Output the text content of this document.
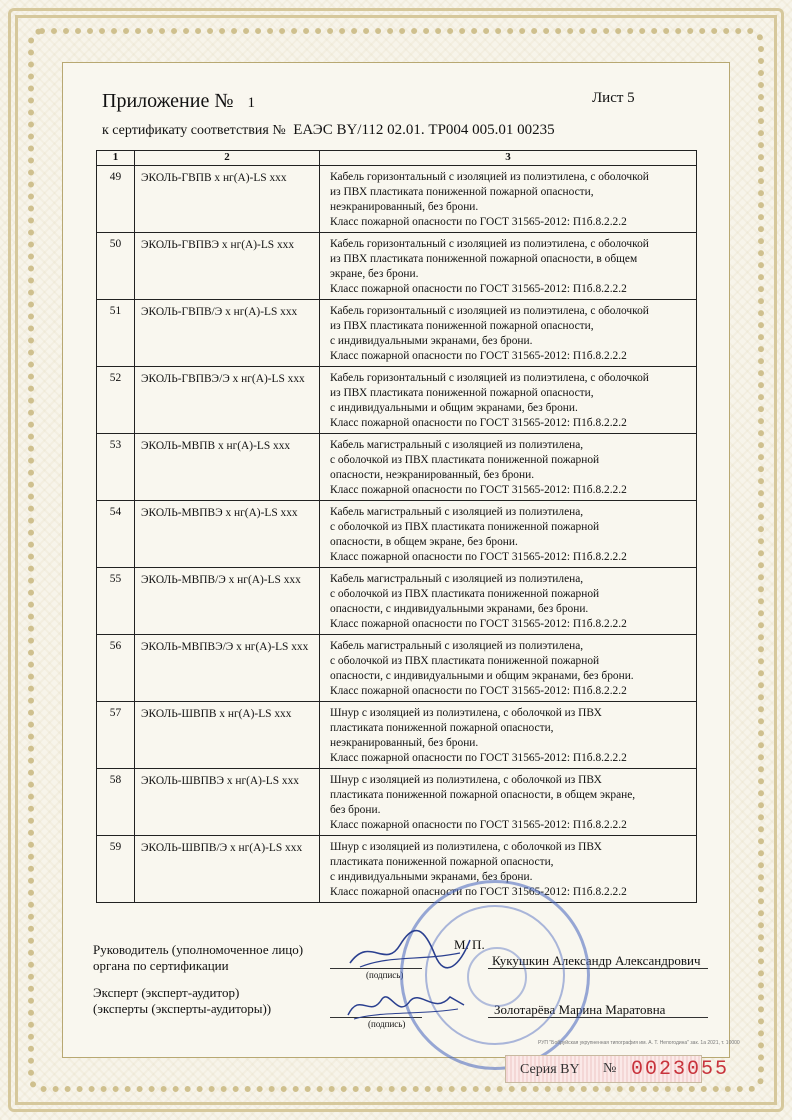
Приложение № 1	Лист 5
к сертификату соответствия № ЕАЭС BY/112 02.01. ТР004 005.01 00235
1	2	3
49	ЭКОЛЬ-ГВПВ x нг(А)-LS xxx	Кабель горизонтальный с изоляцией из полиэтилена, с оболочкой
из ПВХ пластиката пониженной пожарной опасности,
неэкранированный, без брони.
Класс пожарной опасности по ГОСТ 31565-2012: П1б.8.2.2.2

50	ЭКОЛЬ-ГВПВЭ x нг(А)-LS xxx	Кабель горизонтальный с изоляцией из полиэтилена, с оболочкой
из ПВХ пластиката пониженной пожарной опасности, в общем
экране, без брони.
Класс пожарной опасности по ГОСТ 31565-2012: П1б.8.2.2.2

51	ЭКОЛЬ-ГВПВ/Э x нг(А)-LS xxx	Кабель горизонтальный с изоляцией из полиэтилена, с оболочкой
из ПВХ пластиката пониженной пожарной опасности,
с индивидуальными экранами, без брони.
Класс пожарной опасности по ГОСТ 31565-2012: П1б.8.2.2.2

52	ЭКОЛЬ-ГВПВЭ/Э x нг(А)-LS xxx	Кабель горизонтальный с изоляцией из полиэтилена, с оболочкой
из ПВХ пластиката пониженной пожарной опасности,
с индивидуальными и общим экранами, без брони.
Класс пожарной опасности по ГОСТ 31565-2012: П1б.8.2.2.2

53	ЭКОЛЬ-МВПВ x нг(А)-LS xxx	Кабель магистральный с изоляцией из полиэтилена,
с оболочкой из ПВХ пластиката пониженной пожарной
опасности, неэкранированный, без брони.
Класс пожарной опасности по ГОСТ 31565-2012: П1б.8.2.2.2

54	ЭКОЛЬ-МВПВЭ x нг(А)-LS xxx	Кабель магистральный с изоляцией из полиэтилена,
с оболочкой из ПВХ пластиката пониженной пожарной
опасности, в общем экране, без брони.
Класс пожарной опасности по ГОСТ 31565-2012: П1б.8.2.2.2

55	ЭКОЛЬ-МВПВ/Э x нг(А)-LS xxx	Кабель магистральный с изоляцией из полиэтилена,
с оболочкой из ПВХ пластиката пониженной пожарной
опасности, с индивидуальными экранами, без брони.
Класс пожарной опасности по ГОСТ 31565-2012: П1б.8.2.2.2

56	ЭКОЛЬ-МВПВЭ/Э x нг(А)-LS xxx	Кабель магистральный с изоляцией из полиэтилена,
с оболочкой из ПВХ пластиката пониженной пожарной
опасности, с индивидуальными и общим экранами, без брони.
Класс пожарной опасности по ГОСТ 31565-2012: П1б.8.2.2.2

57	ЭКОЛЬ-ШВПВ x нг(А)-LS xxx	Шнур с изоляцией из полиэтилена, с оболочкой из ПВХ
пластиката пониженной пожарной опасности,
неэкранированный, без брони.
Класс пожарной опасности по ГОСТ 31565-2012: П1б.8.2.2.2

58	ЭКОЛЬ-ШВПВЭ x нг(А)-LS xxx	Шнур с изоляцией из полиэтилена, с оболочкой из ПВХ
пластиката пониженной пожарной опасности, в общем экране,
без брони.
Класс пожарной опасности по ГОСТ 31565-2012: П1б.8.2.2.2

59	ЭКОЛЬ-ШВПВ/Э x нг(А)-LS xxx	Шнур с изоляцией из полиэтилена, с оболочкой из ПВХ
пластиката пониженной пожарной опасности,
с индивидуальными экранами, без брони.
Класс пожарной опасности по ГОСТ 31565-2012: П1б.8.2.2.2
Руководитель (уполномоченное лицо)
органа по сертификации
М. П.
(подпись)
Кукушкин Александр Александрович
Эксперт (эксперт-аудитор)
(эксперты (эксперты-аудиторы))
(подпись)
Золотарёва Марина Маратовна
РУП "Бобруйская укрупненная типография им. А. Т. Непогодина" зак. 1а 2021, т. 10000
Серия BY № 0023055
